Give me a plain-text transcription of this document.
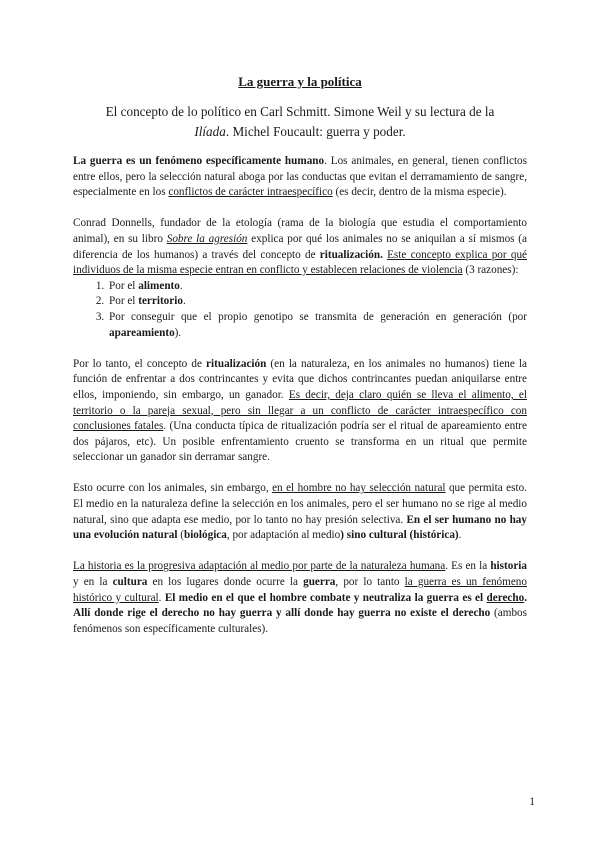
La guerra y la política
El concepto de lo político en Carl Schmitt. Simone Weil y su lectura de la Ilíada. Michel Foucault: guerra y poder.

La guerra es un fenómeno específicamente humano. Los animales, en general, tienen conflictos entre ellos, pero la selección natural aboga por las conductas que evitan el derramamiento de sangre, especialmente en los conflictos de carácter intraespecífico (es decir, dentro de la misma especie).

Conrad Donnells, fundador de la etología (rama de la biología que estudia el comportamiento animal), en su libro Sobre la agresión explica por qué los animales no se aniquilan a sí mismos (a diferencia de los humanos) a través del concepto de ritualización. Este concepto explica por qué individuos de la misma especie entran en conflicto y establecen relaciones de violencia (3 razones):

1. Por el alimento.
2. Por el territorio.
3. Por conseguir que el propio genotipo se transmita de generación en generación (por apareamiento).

Por lo tanto, el concepto de ritualización (en la naturaleza, en los animales no humanos) tiene la función de enfrentar a dos contrincantes y evita que dichos contrincantes puedan aniquilarse entre ellos, imponiendo, sin embargo, un ganador. Es decir, deja claro quién se lleva el alimento, el territorio o la pareja sexual, pero sin llegar a un conflicto de carácter intraespecífico con conclusiones fatales. (Una conducta típica de ritualización podría ser el ritual de apareamiento entre dos pájaros, etc). Un posible enfrentamiento cruento se transforma en un ritual que permite seleccionar un ganador sin derramar sangre.

Esto ocurre con los animales, sin embargo, en el hombre no hay selección natural que permita esto. El medio en la naturaleza define la selección en los animales, pero el ser humano no se rige al medio natural, sino que adapta ese medio, por lo tanto no hay presión selectiva. En el ser humano no hay una evolución natural (biológica, por adaptación al medio) sino cultural (histórica).

La historia es la progresiva adaptación al medio por parte de la naturaleza humana. Es en la historia y en la cultura en los lugares donde ocurre la guerra, por lo tanto la guerra es un fenómeno histórico y cultural. El medio en el que el hombre combate y neutraliza la guerra es el derecho. Allí donde rige el derecho no hay guerra y allí donde hay guerra no existe el derecho (ambos fenómenos son específicamente culturales).

1
